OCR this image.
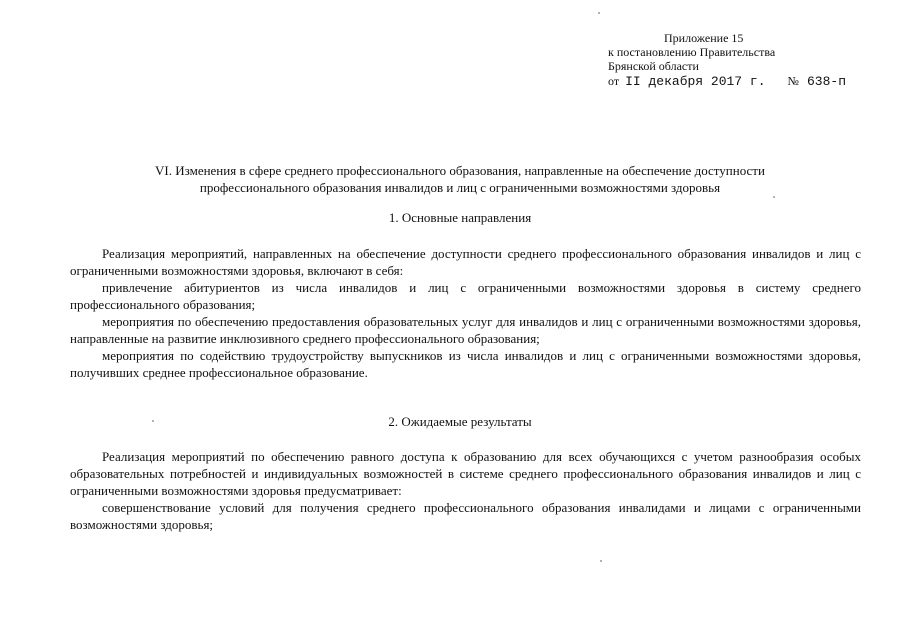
Приложение 15
к постановлению Правительства
Брянской области
от II декабря 2017 г. № 638-п
VI. Изменения в сфере среднего профессионального образования, направленные на обеспечение доступности
профессионального образования инвалидов и лиц с ограниченными возможностями здоровья
1. Основные направления

Реализация мероприятий, направленных на обеспечение доступности среднего профессионального образования инвалидов и лиц с ограниченными возможностями здоровья, включают в себя:

привлечение абитуриентов из числа инвалидов и лиц с ограниченными возможностями здоровья в систему среднего профессионального образования;

мероприятия по обеспечению предоставления образовательных услуг для инвалидов и лиц с ограниченными возможностями здоровья, направленные на развитие инклюзивного среднего профессионального образования;

мероприятия по содействию трудоустройству выпускников из числа инвалидов и лиц с ограниченными возможностями здоровья, получивших среднее профессиональное образование.

2. Ожидаемые результаты

Реализация мероприятий по обеспечению равного доступа к образованию для всех обучающихся с учетом разнообразия особых образовательных потребностей и индивидуальных возможностей в системе среднего профессионального образования инвалидов и лиц с ограниченными возможностями здоровья предусматривает:

совершенствование условий для получения среднего профессионального образования инвалидами и лицами с ограниченными возможностями здоровья;
